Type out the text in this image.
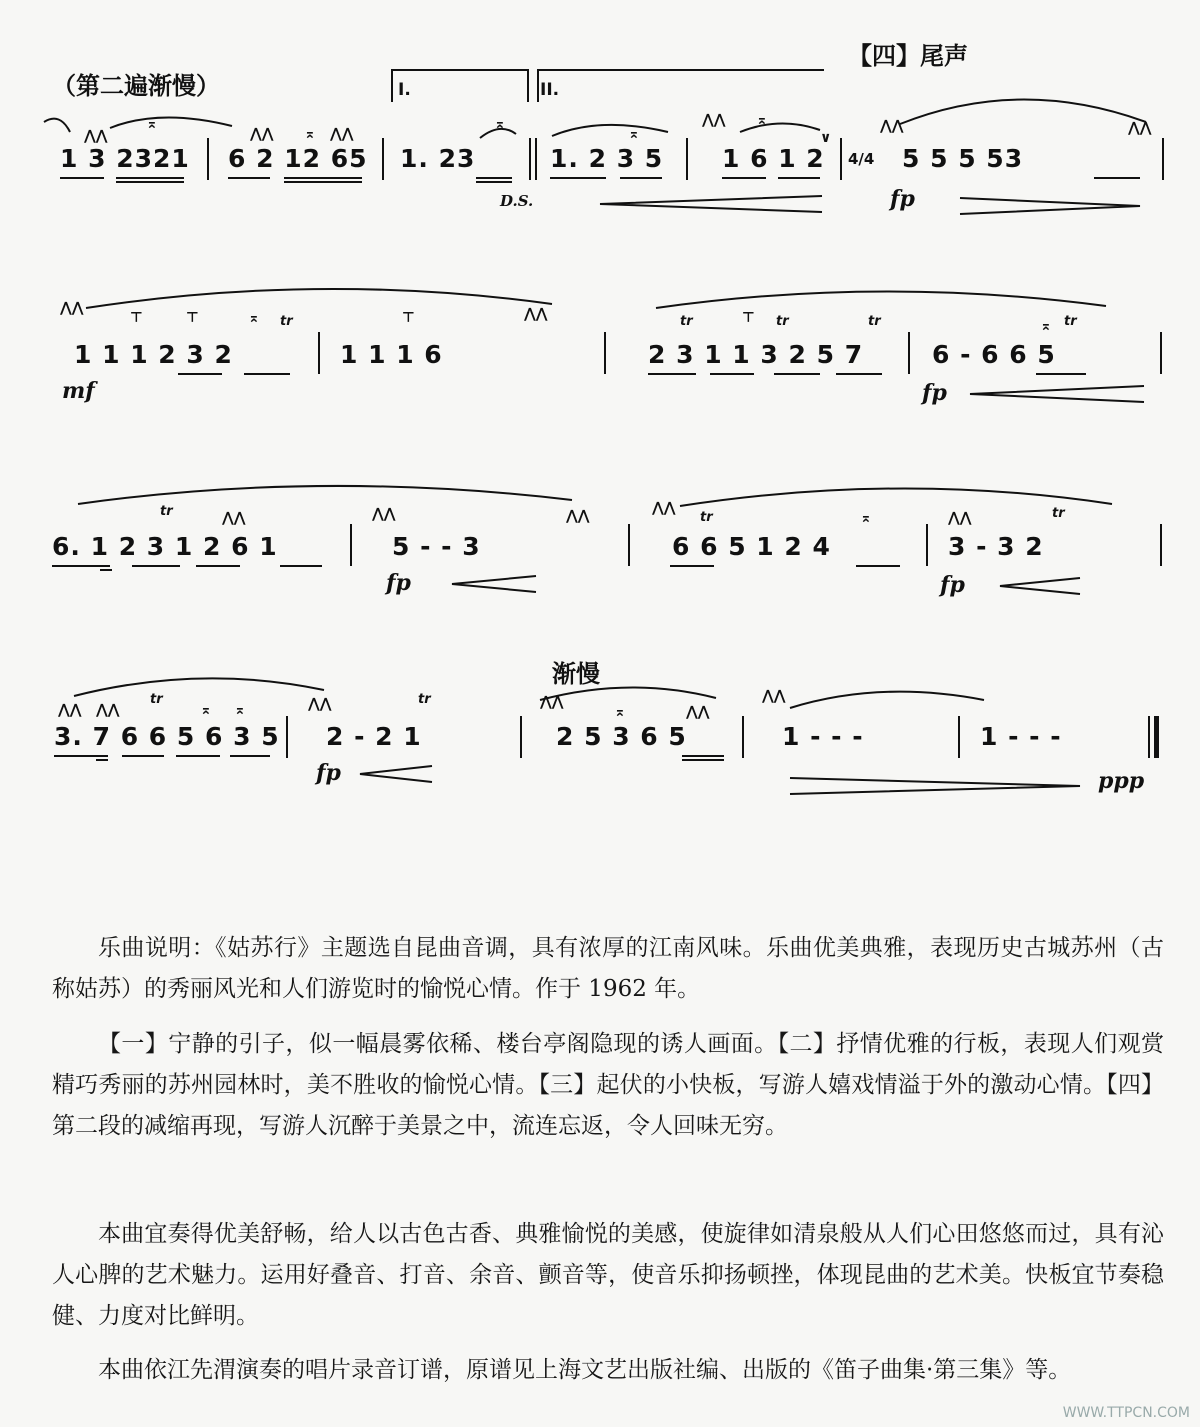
【四】尾声
（第二遍渐慢）	I.	II.
1 3 2321 6 2 12 65 1. 23
D.S.
1. 2 3 5 1 6 1 2 4/4 5 5 5 53
fp
1 1 1 2 3 2
mf
1 1 1 6	2 3 1 1 3 2 5 7	6 - 6 6 5
fp
6. 1 2 3 1 2 6 1	5 - - 3
fp
6 6 5 1 2 4	3 - 3 2
fp
渐慢
3. 7 6 6 5 6 3 5 2 - 2 1
fp
2 5 3 6 5	1 - - -	1 - - -
ppp
tr	tr	tr	tr	tr
tr	tr	tr
tr	tr
⋀⋀
⌅
⋀⋀ ⌅ ⋀⋀
⌅
⌅
⋀⋀ ⌅
∨
⋀⋀	⋀⋀
⋀⋀
⊤	⊤	⌅	⊤	⋀⋀	⊤	⌅
⋀⋀	⋀⋀	⋀⋀	⋀⋀
⌅	⋀⋀
⋀⋀ ⋀⋀	⌅ ⌅	⋀⋀	⋀⋀
⌅	⋀⋀
⋀⋀
乐曲说明：《姑苏行》主题选自昆曲音调，具有浓厚的江南风味。乐曲优美典雅，表现历史古城苏州（古称姑苏）的秀丽风光和人们游览时的愉悦心情。作于 1962 年。
【一】宁静的引子，似一幅晨雾依稀、楼台亭阁隐现的诱人画面。【二】抒情优雅的行板，表现人们观赏精巧秀丽的苏州园林时，美不胜收的愉悦心情。【三】起伏的小快板，写游人嬉戏情溢于外的激动心情。【四】第二段的减缩再现，写游人沉醉于美景之中，流连忘返，令人回味无穷。
本曲宜奏得优美舒畅，给人以古色古香、典雅愉悦的美感，使旋律如清泉般从人们心田悠悠而过，具有沁人心脾的艺术魅力。运用好叠音、打音、余音、颤音等，使音乐抑扬顿挫，体现昆曲的艺术美。快板宜节奏稳健、力度对比鲜明。
本曲依江先渭演奏的唱片录音订谱，原谱见上海文艺出版社编、出版的《笛子曲集·第三集》等。
WWW.TTPCN.COM
